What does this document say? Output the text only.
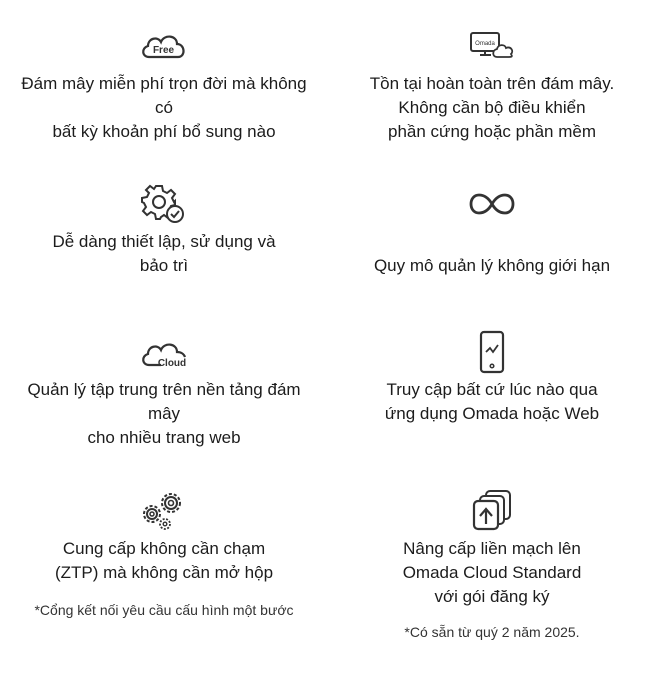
Free
Đám mây miễn phí trọn đời mà không
có
bất kỳ khoản phí bổ sung nào
Omada
Tồn tại hoàn toàn trên đám mây.
Không cần bộ điều khiển
phần cứng hoặc phần mềm
Dễ dàng thiết lập, sử dụng và
bảo trì	Quy mô quản lý không giới hạn
Cloud
Quản lý tập trung trên nền tảng đám
mây
cho nhiều trang web
Truy cập bất cứ lúc nào qua
ứng dụng Omada hoặc Web
Cung cấp không cần chạm
(ZTP) mà không cần mở hộp
*Cổng kết nối yêu cầu cấu hình một bước
Nâng cấp liền mạch lên
Omada Cloud Standard
với gói đăng ký
*Có sẵn từ quý 2 năm 2025.
